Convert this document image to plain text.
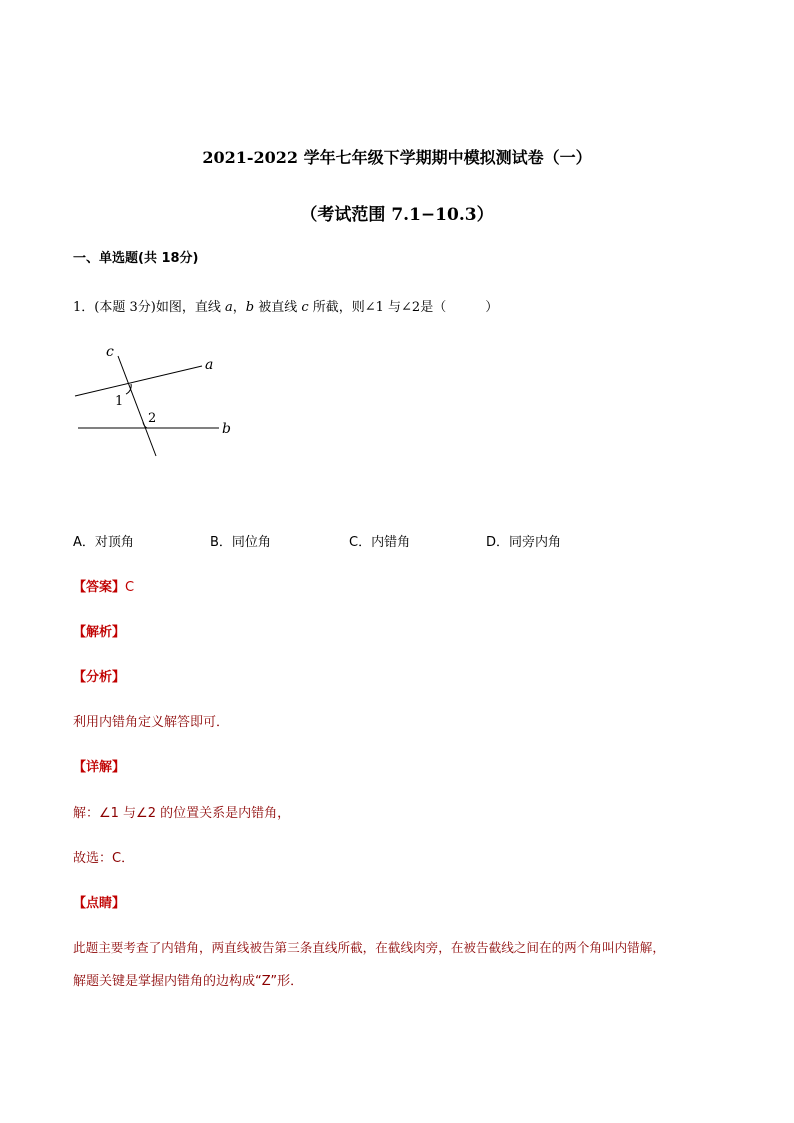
2021-2022 学年七年级下学期期中模拟测试卷（一）
（考试范围 7.1−10.3）
一、单选题(共 18分)
1．(本题 3分)如图，直线 a，b 被直线 c 所截，则∠1 与∠2是（　　　）
c
a
b
1
2
A．对顶角	B．同位角	C．内错角	D．同旁内角
【答案】C
【解析】
【分析】
利用内错角定义解答即可．
【详解】
解：∠1 与∠2 的位置关系是内错角，
故选：C．
【点睛】
此题主要考查了内错角，两直线被告第三条直线所截，在截线肉旁，在被告截线之间在的两个角叫内错解，
解题关键是掌握内错角的边构成“Z”形．
